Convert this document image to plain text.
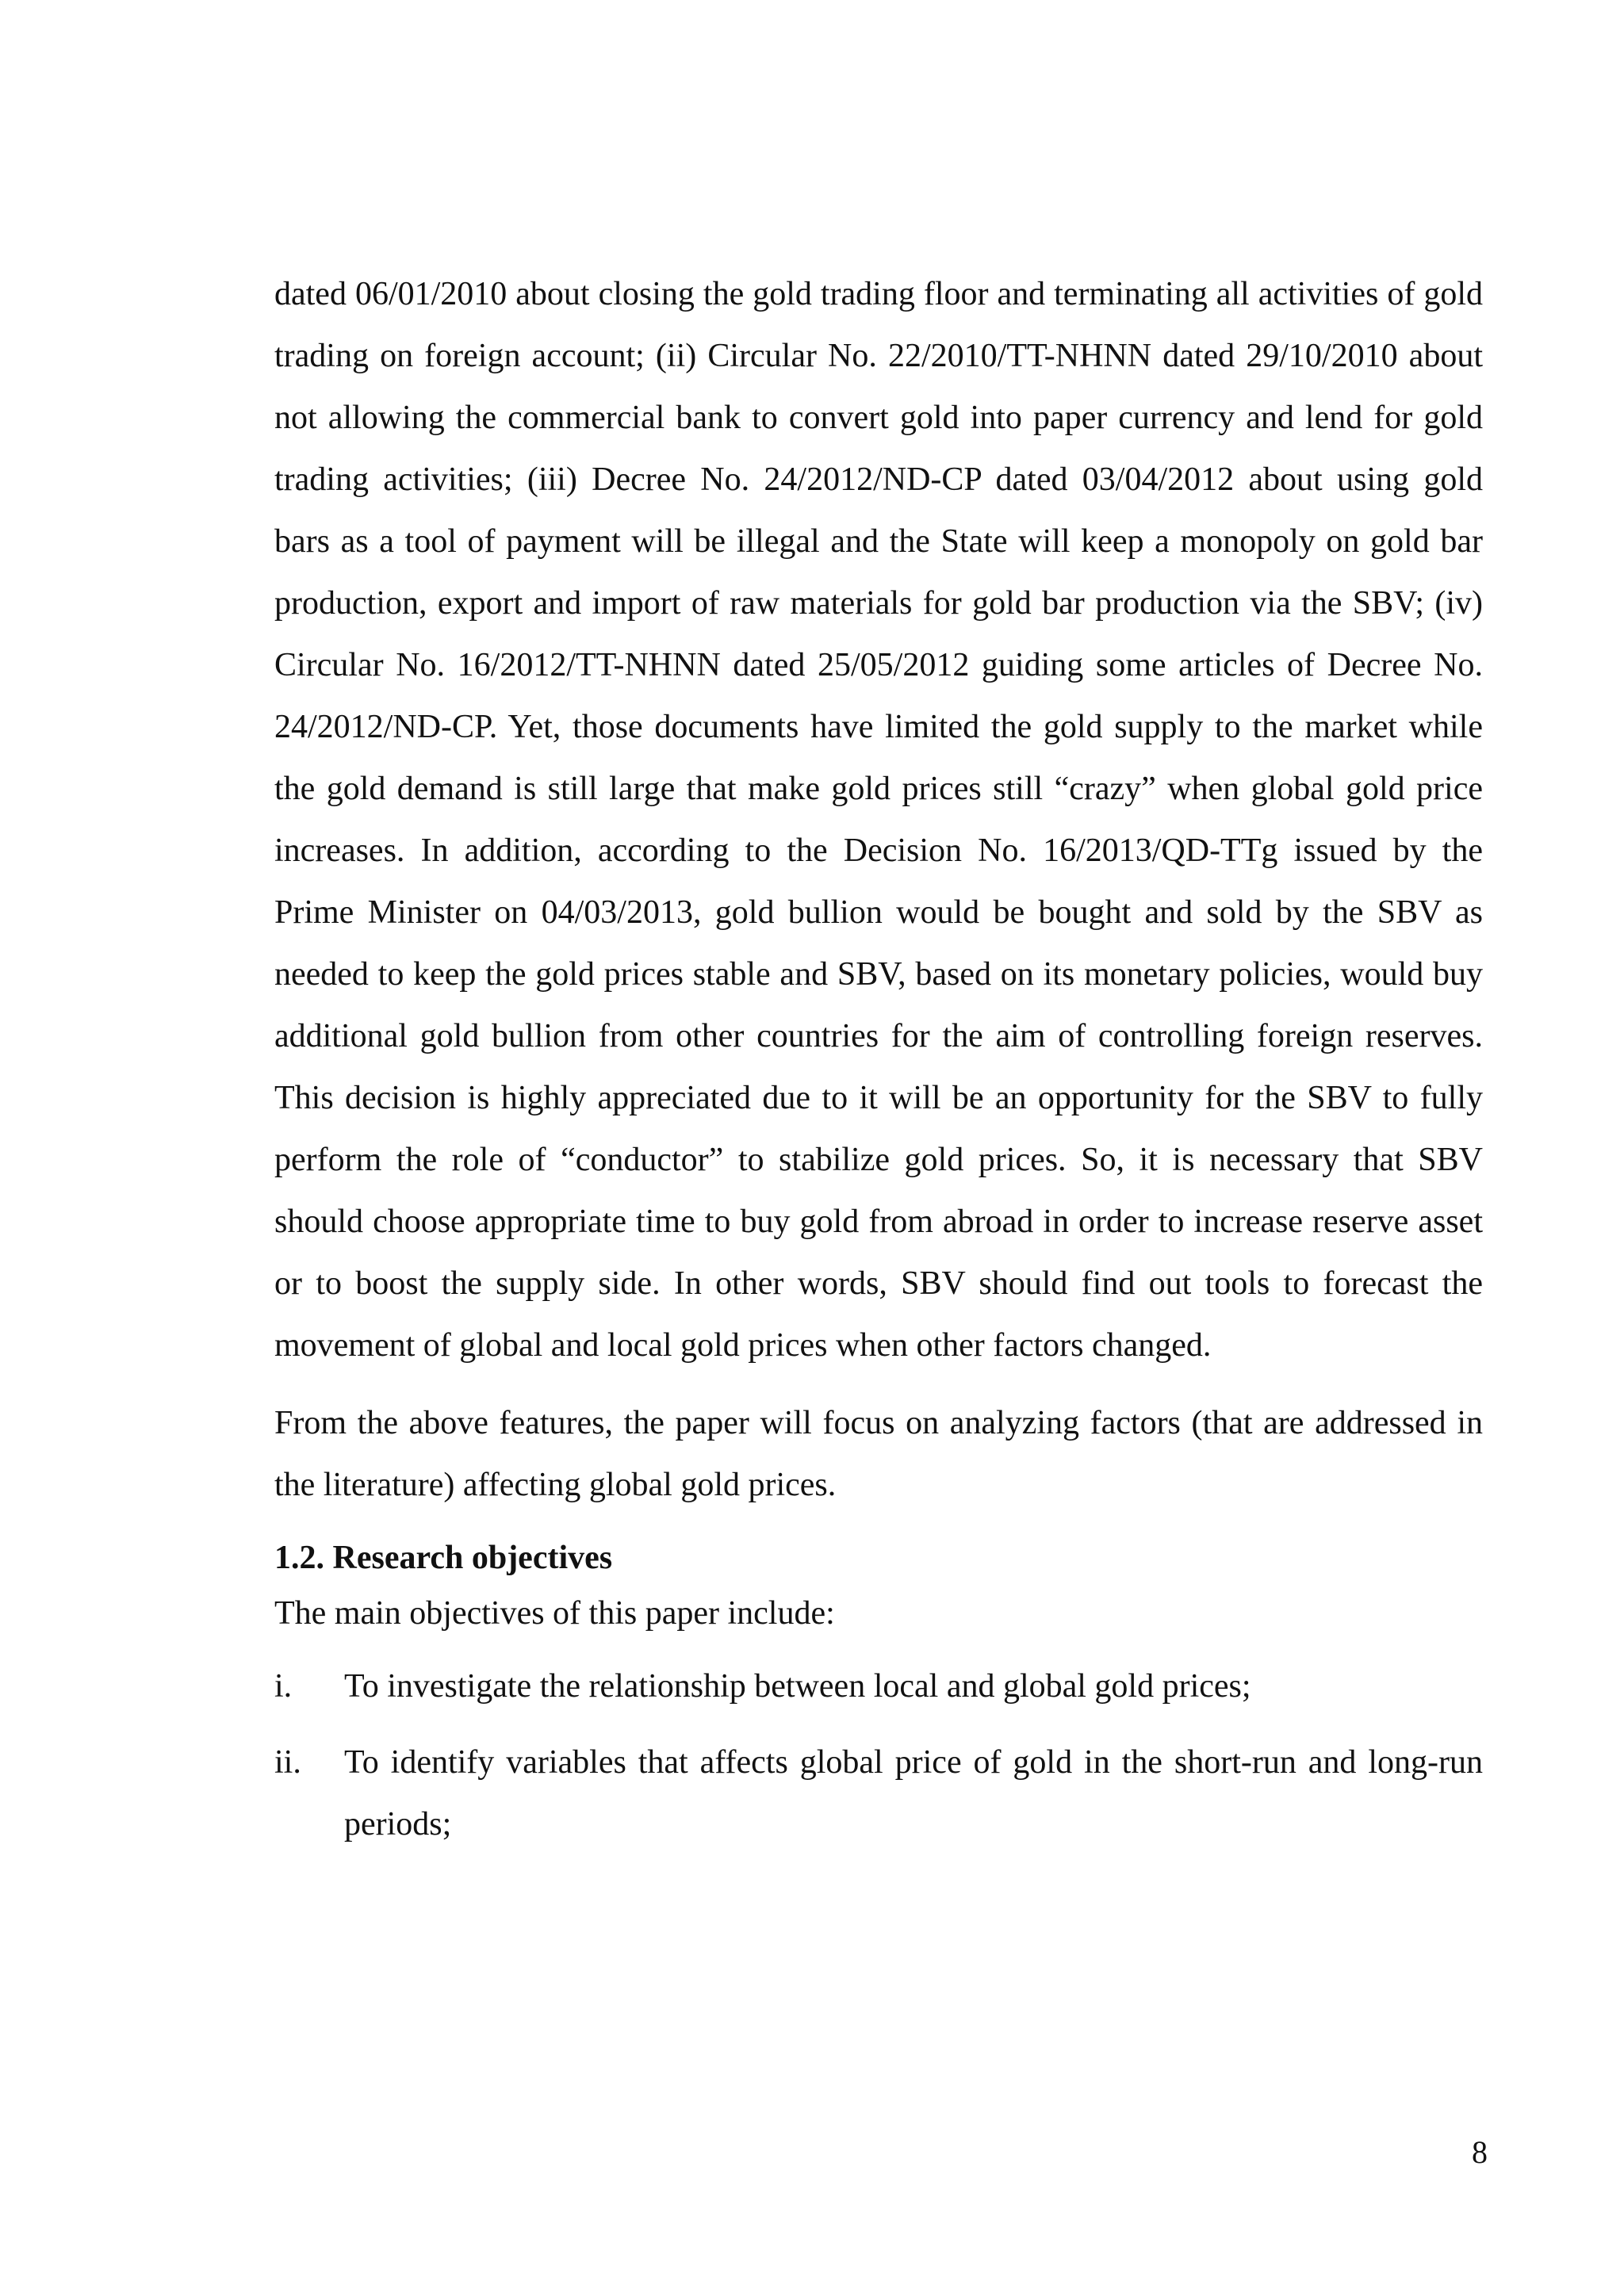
dated 06/01/2010 about closing the gold trading floor and terminating all activities of gold trading on foreign account; (ii) Circular No. 22/2010/TT-NHNN dated 29/10/2010 about not allowing the commercial bank to convert gold into paper currency and lend for gold trading activities; (iii) Decree No. 24/2012/ND-CP dated 03/04/2012 about using gold bars as a tool of payment will be illegal and the State will keep a monopoly on gold bar production, export and import of raw materials for gold bar production via the SBV; (iv) Circular No. 16/2012/TT-NHNN dated 25/05/2012 guiding some articles of Decree No. 24/2012/ND-CP. Yet, those documents have limited the gold supply to the market while the gold demand is still large that make gold prices still “crazy” when global gold price increases. In addition, according to the Decision No. 16/2013/QD-TTg issued by the Prime Minister on 04/03/2013, gold bullion would be bought and sold by the SBV as needed to keep the gold prices stable and SBV, based on its monetary policies, would buy additional gold bullion from other countries for the aim of controlling foreign reserves. This decision is highly appreciated due to it will be an opportunity for the SBV to fully perform the role of “conductor” to stabilize gold prices. So, it is necessary that SBV should choose appropriate time to buy gold from abroad in order to increase reserve asset or to boost the supply side. In other words, SBV should find out tools to forecast the movement of global and local gold prices when other factors changed.

From the above features, the paper will focus on analyzing factors (that are addressed in the literature) affecting global gold prices.

1.2. Research objectives

The main objectives of this paper include:

i. To investigate the relationship between local and global gold prices;
ii. To identify variables that affects global price of gold in the short-run and long-run periods;
8
